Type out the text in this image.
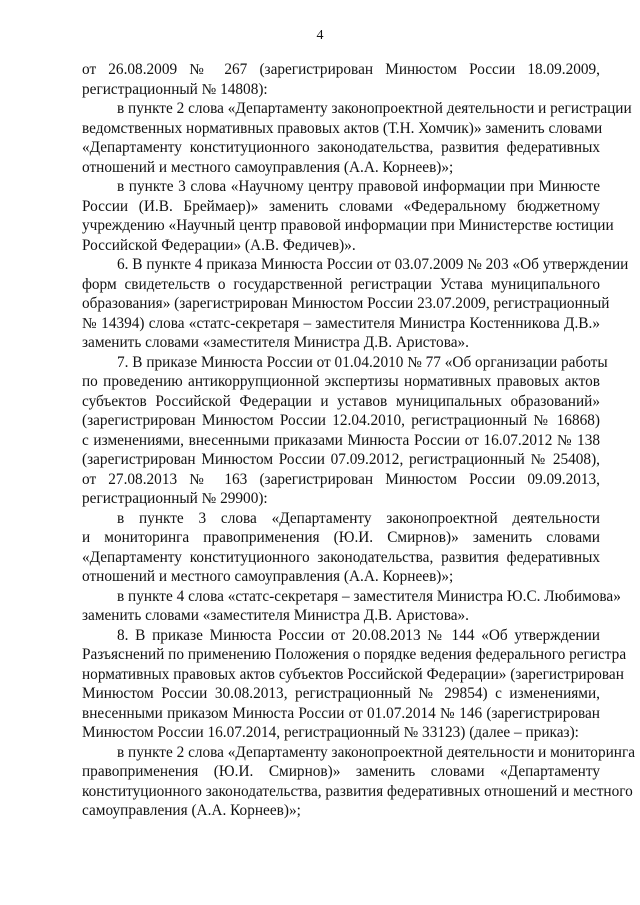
4
от 26.08.2009 № 267 (зарегистрирован Минюстом России 18.09.2009,
регистрационный № 14808):
в пункте 2 слова «Департаменту законопроектной деятельности и регистрации
ведомственных нормативных правовых актов (Т.Н. Хомчик)» заменить словами
«Департаменту конституционного законодательства, развития федеративных
отношений и местного самоуправления (А.А. Корнеев)»;
в пункте 3 слова «Научному центру правовой информации при Минюсте
России (И.В. Бреймаер)» заменить словами «Федеральному бюджетному
учреждению «Научный центр правовой информации при Министерстве юстиции
Российской Федерации» (А.В. Федичев)».
6. В пункте 4 приказа Минюста России от 03.07.2009 № 203 «Об утверждении
форм свидетельств о государственной регистрации Устава муниципального
образования» (зарегистрирован Минюстом России 23.07.2009, регистрационный
№ 14394) слова «статс-секретаря – заместителя Министра Костенникова Д.В.»
заменить словами «заместителя Министра Д.В. Аристова».
7. В приказе Минюста России от 01.04.2010 № 77 «Об организации работы
по проведению антикоррупционной экспертизы нормативных правовых актов
субъектов Российской Федерации и уставов муниципальных образований»
(зарегистрирован Минюстом России 12.04.2010, регистрационный № 16868)
с изменениями, внесенными приказами Минюста России от 16.07.2012 № 138
(зарегистрирован Минюстом России 07.09.2012, регистрационный № 25408),
от 27.08.2013 № 163 (зарегистрирован Минюстом России 09.09.2013,
регистрационный № 29900):
в пункте 3 слова «Департаменту законопроектной деятельности
и мониторинга правоприменения (Ю.И. Смирнов)» заменить словами
«Департаменту конституционного законодательства, развития федеративных
отношений и местного самоуправления (А.А. Корнеев)»;
в пункте 4 слова «статс-секретаря – заместителя Министра Ю.С. Любимова»
заменить словами «заместителя Министра Д.В. Аристова».
8. В приказе Минюста России от 20.08.2013 № 144 «Об утверждении
Разъяснений по применению Положения о порядке ведения федерального регистра
нормативных правовых актов субъектов Российской Федерации» (зарегистрирован
Минюстом России 30.08.2013, регистрационный № 29854) с изменениями,
внесенными приказом Минюста России от 01.07.2014 № 146 (зарегистрирован
Минюстом России 16.07.2014, регистрационный № 33123) (далее – приказ):
в пункте 2 слова «Департаменту законопроектной деятельности и мониторинга
правоприменения (Ю.И. Смирнов)» заменить словами «Департаменту
конституционного законодательства, развития федеративных отношений и местного
самоуправления (А.А. Корнеев)»;
